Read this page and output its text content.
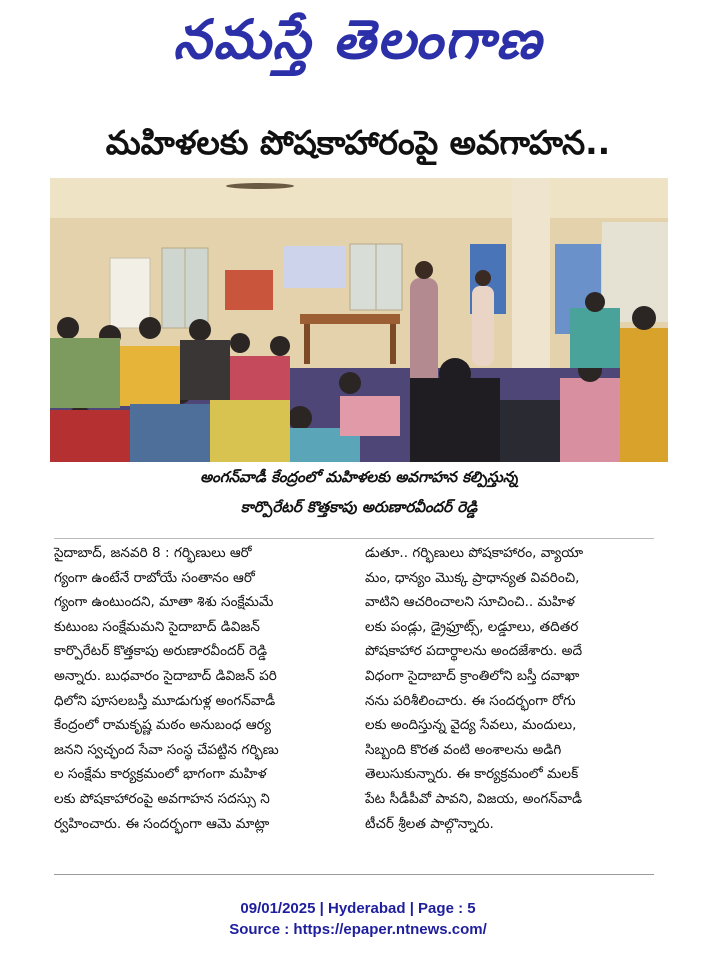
నమస్తే తెలంగాణ
మహిళలకు పోషకాహారంపై అవగాహన..
అంగన్‌వాడీ కేంద్రంలో మహిళలకు అవగాహన కల్పిస్తున్న
కార్పొరేటర్ కొత్తకాపు అరుణారవీందర్ రెడ్డి

సైదాబాద్, జనవరి 8 : గర్భిణులు ఆరో

గ్యంగా ఉంటేనే రాబోయే సంతానం ఆరో

గ్యంగా ఉంటుందని, మాతా శిశు సంక్షేమమే

కుటుంబ సంక్షేమమని సైదాబాద్ డివిజన్

కార్పొరేటర్ కొత్తకాపు అరుణారవీందర్ రెడ్డి

అన్నారు. బుధవారం సైదాబాద్ డివిజన్ పరి

ధిలోని పూసలబస్తీ మూడుగుళ్ల అంగన్‌వాడీ

కేంద్రంలో రామకృష్ణ మఠం అనుబంధ ఆర్య

జనని స్వచ్ఛంద సేవా సంస్థ చేపట్టిన గర్భిణు

ల సంక్షేమ కార్యక్రమంలో భాగంగా మహిళ

లకు పోషకాహారంపై అవగాహన సదస్సు ని

ర్వహించారు. ఈ సందర్భంగా ఆమె మాట్లా

డుతూ.. గర్భిణులు పోషకాహారం, వ్యాయా

మం, ధాన్యం మొక్క ప్రాధాన్యత వివరించి,

వాటిని ఆచరించాలని సూచించి.. మహిళ

లకు పండ్లు, డ్రైఫ్రూట్స్, లడ్డూలు, తదితర

పోషకాహార పదార్థాలను అందజేశారు. అదే

విధంగా సైదాబాద్ క్రాంతిలోని బస్తీ దవాఖా

నను పరిశీలించారు. ఈ సందర్భంగా రోగు

లకు అందిస్తున్న వైద్య సేవలు, మందులు,

సిబ్బంది కొరత వంటి అంశాలను అడిగి

తెలుసుకున్నారు. ఈ కార్యక్రమంలో మలక్

పేట సీడీపీవో పావని, విజయ, అంగన్‌వాడీ

టీచర్ శ్రీలత పాల్గొన్నారు.

09/01/2025 | Hyderabad | Page : 5
Source : https://epaper.ntnews.com/
